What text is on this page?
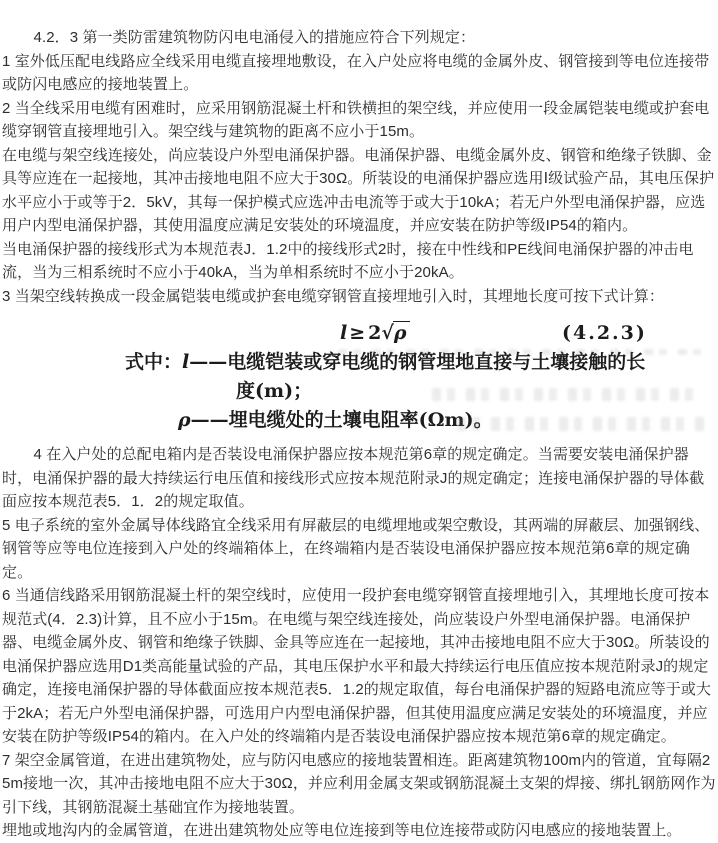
4.2．3 第一类防雷建筑物防闪电电涌侵入的措施应符合下列规定：

1 室外低压配电线路应全线采用电缆直接埋地敷设，在入户处应将电缆的金属外皮、钢管接到等电位连接带或防闪电感应的接地装置上。

2 当全线采用电缆有困难时，应采用钢筋混凝土杆和铁横担的架空线，并应使用一段金属铠装电缆或护套电缆穿钢管直接埋地引入。架空线与建筑物的距离不应小于15m。

在电缆与架空线连接处，尚应装设户外型电涌保护器。电涌保护器、电缆金属外皮、钢管和绝缘子铁脚、金具等应连在一起接地，其冲击接地电阻不应大于30Ω。所装设的电涌保护器应选用Ⅰ级试验产品，其电压保护水平应小于或等于2．5kV，其每一保护模式应选冲击电流等于或大于10kA；若无户外型电涌保护器，应选用户内型电涌保护器，其使用温度应满足安装处的环境温度，并应安装在防护等级IP54的箱内。

当电涌保护器的接线形式为本规范表J．1.2中的接线形式2时，接在中性线和PE线间电涌保护器的冲击电流，当为三相系统时不应小于40kA，当为单相系统时不应小于20kA。

3 当架空线转换成一段金属铠装电缆或护套电缆穿钢管直接埋地引入时，其埋地长度可按下式计算：

l ≥ 2√ρ	(4.2.3)
式中：l——电缆铠装或穿电缆的钢管埋地直接与土壤接触的长
度(m)；
ρ——埋电缆处的土壤电阻率(Ωm)。

4 在入户处的总配电箱内是否装设电涌保护器应按本规范第6章的规定确定。当需要安装电涌保护器时，电涌保护器的最大持续运行电压值和接线形式应按本规范附录J的规定确定；连接电涌保护器的导体截面应按本规范表5．1．2的规定取值。

5 电子系统的室外金属导体线路宜全线采用有屏蔽层的电缆埋地或架空敷设，其两端的屏蔽层、加强钢线、钢管等应等电位连接到入户处的终端箱体上，在终端箱内是否装设电涌保护器应按本规范第6章的规定确定。

6 当通信线路采用钢筋混凝土杆的架空线时，应使用一段护套电缆穿钢管直接埋地引入，其埋地长度可按本规范式(4．2.3)计算，且不应小于15m。在电缆与架空线连接处，尚应装设户外型电涌保护器。电涌保护器、电缆金属外皮、钢管和绝缘子铁脚、金具等应连在一起接地，其冲击接地电阻不应大于30Ω。所装设的电涌保护器应选用D1类高能量试验的产品，其电压保护水平和最大持续运行电压值应按本规范附录J的规定确定，连接电涌保护器的导体截面应按本规范表5．1.2的规定取值，每台电涌保护器的短路电流应等于或大于2kA；若无户外型电涌保护器，可选用户内型电涌保护器，但其使用温度应满足安装处的环境温度，并应安装在防护等级IP54的箱内。在入户处的终端箱内是否装设电涌保护器应按本规范第6章的规定确定。

7 架空金属管道，在进出建筑物处，应与防闪电感应的接地装置相连。距离建筑物100m内的管道，宜每隔25m接地一次，其冲击接地电阻不应大于30Ω，并应利用金属支架或钢筋混凝土支架的焊接、绑扎钢筋网作为引下线，其钢筋混凝土基础宜作为接地装置。

埋地或地沟内的金属管道，在进出建筑物处应等电位连接到等电位连接带或防闪电感应的接地装置上。
